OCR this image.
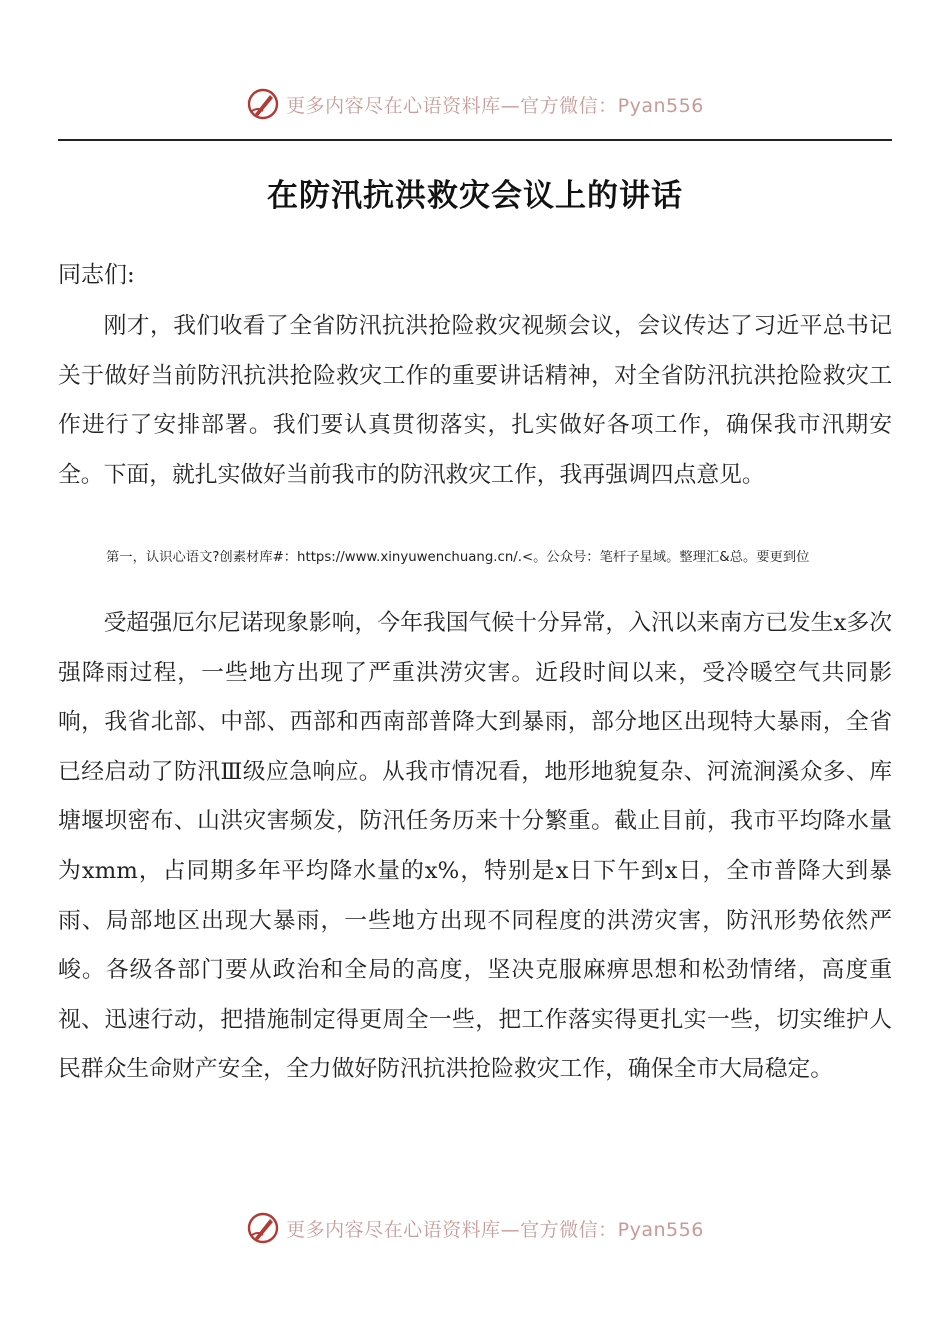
更多内容尽在心语资料库—官方微信：Pyan556
在防汛抗洪救灾会议上的讲话
同志们:

刚才，我们收看了全省防汛抗洪抢险救灾视频会议，会议传达了习近平总书记关于做好当前防汛抗洪抢险救灾工作的重要讲话精神，对全省防汛抗洪抢险救灾工作进行了安排部署。我们要认真贯彻落实，扎实做好各项工作，确保我市汛期安全。下面，就扎实做好当前我市的防汛救灾工作，我再强调四点意见。

第一，认识心语文?创素材库#：https://www.xinyuwenchuang.cn/.<。公众号：笔杆子星域。整理汇&总。要更到位

受超强厄尔尼诺现象影响，今年我国气候十分异常，入汛以来南方已发生x多次强降雨过程，一些地方出现了严重洪涝灾害。近段时间以来，受冷暖空气共同影响，我省北部、中部、西部和西南部普降大到暴雨，部分地区出现特大暴雨，全省已经启动了防汛Ⅲ级应急响应。从我市情况看，地形地貌复杂、河流涧溪众多、库塘堰坝密布、山洪灾害频发，防汛任务历来十分繁重。截止目前，我市平均降水量为xmm，占同期多年平均降水量的x%，特别是x日下午到x日，全市普降大到暴雨、局部地区出现大暴雨，一些地方出现不同程度的洪涝灾害，防汛形势依然严峻。各级各部门要从政治和全局的高度，坚决克服麻痹思想和松劲情绪，高度重视、迅速行动，把措施制定得更周全一些，把工作落实得更扎实一些，切实维护人民群众生命财产安全，全力做好防汛抗洪抢险救灾工作，确保全市大局稳定。

更多内容尽在心语资料库—官方微信：Pyan556
